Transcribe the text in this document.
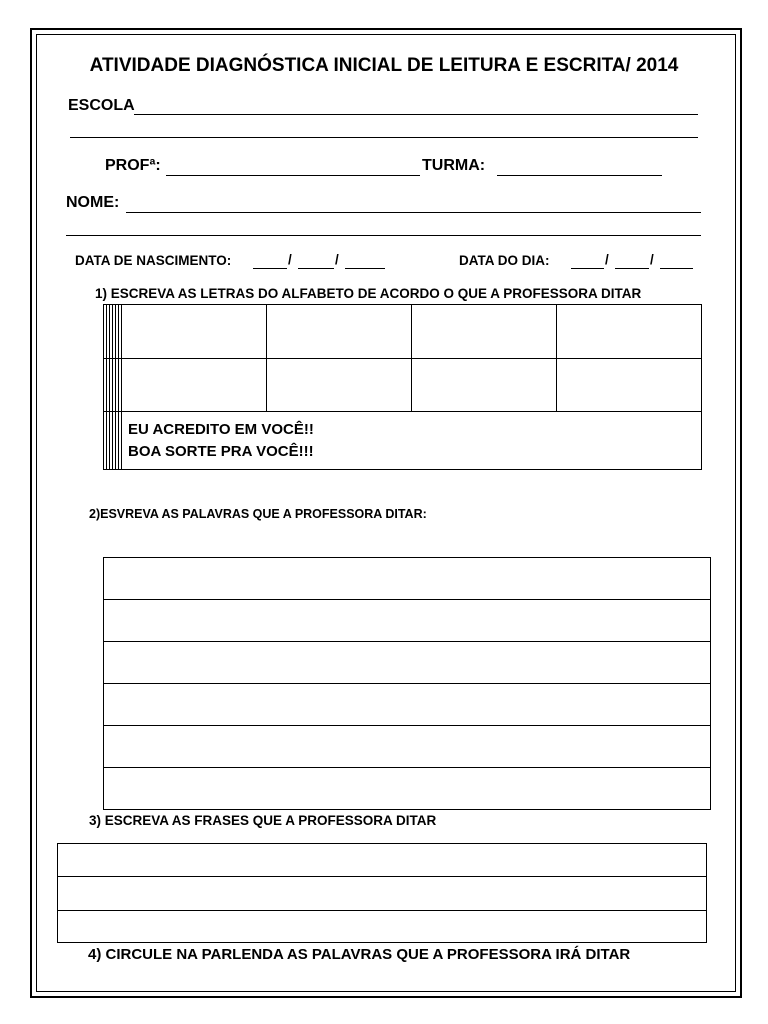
ATIVIDADE DIAGNÓSTICA INICIAL DE LEITURA E ESCRITA/ 2014
ESCOLA
PROFª:	TURMA:
NOME:
DATA DE NASCIMENTO:	/	/	DATA DO DIA:	/	/
1) ESCREVA AS LETRAS DO ALFABETO DE ACORDO O QUE A PROFESSORA DITAR

						EU ACREDITO EM VOCÊ!!
BOA SORTE PRA VOCÊ!!!			
2)ESVREVA AS PALAVRAS QUE A PROFESSORA DITAR:
3) ESCREVA AS FRASES QUE A PROFESSORA DITAR
4) CIRCULE NA PARLENDA AS PALAVRAS QUE A PROFESSORA IRÁ DITAR
